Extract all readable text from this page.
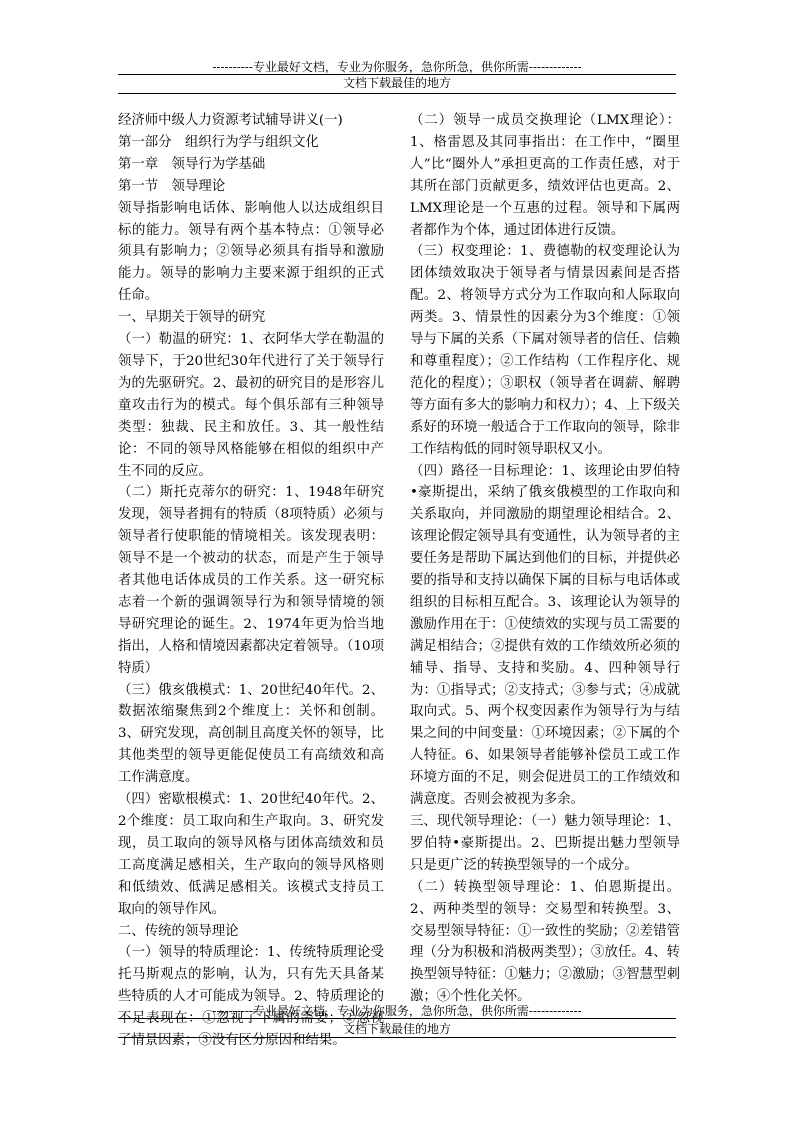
----------专业最好文档，专业为你服务，急你所急，供你所需-------------
文档下载最佳的地方

经济师中级人力资源考试辅导讲义(一)

第一部分　组织行为学与组织文化

第一章　领导行为学基础

第一节　领导理论

领导指影响电话体、影响他人以达成组织目标的能力。领导有两个基本特点：①领导必须具有影响力；②领导必须具有指导和激励能力。领导的影响力主要来源于组织的正式任命。

一、早期关于领导的研究

（一）勒温的研究：1、衣阿华大学在勒温的领导下，于20世纪30年代进行了关于领导行为的先驱研究。2、最初的研究目的是形容儿童攻击行为的模式。每个俱乐部有三种领导类型：独裁、民主和放任。3、其一般性结论：不同的领导风格能够在相似的组织中产生不同的反应。

（二）斯托克蒂尔的研究：1、1948年研究发现，领导者拥有的特质（8项特质）必须与领导者行使职能的情境相关。该发现表明：领导不是一个被动的状态，而是产生于领导者其他电话体成员的工作关系。这一研究标志着一个新的强调领导行为和领导情境的领导研究理论的诞生。2、1974年更为恰当地指出，人格和情境因素都决定着领导。（10项特质）

（三）俄亥俄模式：1、20世纪40年代。2、数据浓缩聚焦到2个维度上：关怀和创制。3、研究发现，高创制且高度关怀的领导，比其他类型的领导更能促使员工有高绩效和高工作满意度。

（四）密歇根模式：1、20世纪40年代。2、2个维度：员工取向和生产取向。3、研究发现，员工取向的领导风格与团体高绩效和员工高度满足感相关，生产取向的领导风格则和低绩效、低满足感相关。该模式支持员工取向的领导作风。

二、传统的领导理论

（一）领导的特质理论：1、传统特质理论受托马斯观点的影响，认为，只有先天具备某些特质的人才可能成为领导。2、特质理论的不足表现在：①忽视了下属的需要；②忽视了情景因素；③没有区分原因和结果。

（二）领导一成员交换理论（LMX理论）：1、格雷恩及其同事指出：在工作中，“圈里人”比“圈外人”承担更高的工作责任感，对于其所在部门贡献更多，绩效评估也更高。2、LMX理论是一个互惠的过程。领导和下属两者都作为个体，通过团体进行反馈。

（三）权变理论：1、费德勒的权变理论认为团体绩效取决于领导者与情景因素间是否搭配。2、将领导方式分为工作取向和人际取向两类。3、情景性的因素分为3个维度：①领导与下属的关系（下属对领导者的信任、信赖和尊重程度）；②工作结构（工作程序化、规范化的程度）；③职权（领导者在调薪、解聘等方面有多大的影响力和权力）；4、上下级关系好的环境一般适合于工作取向的领导，除非工作结构低的同时领导职权又小。

（四）路径一目标理论：1、该理论由罗伯特•豪斯提出，采纳了俄亥俄模型的工作取向和关系取向，并同激励的期望理论相结合。2、该理论假定领导具有变通性，认为领导者的主要任务是帮助下属达到他们的目标，并提供必要的指导和支持以确保下属的目标与电话体或组织的目标相互配合。3、该理论认为领导的激励作用在于：①使绩效的实现与员工需要的满足相结合；②提供有效的工作绩效所必须的辅导、指导、支持和奖励。4、四种领导行为：①指导式；②支持式；③参与式；④成就取向式。5、两个权变因素作为领导行为与结果之间的中间变量：①环境因素；②下属的个人特征。6、如果领导者能够补偿员工或工作环境方面的不足，则会促进员工的工作绩效和满意度。否则会被视为多余。

三、现代领导理论：（一）魅力领导理论：1、罗伯特•豪斯提出。2、巴斯提出魅力型领导只是更广泛的转换型领导的一个成分。

（二）转换型领导理论：1、伯恩斯提出。2、两种类型的领导：交易型和转换型。3、交易型领导特征：①一致性的奖励；②差错管理（分为积极和消极两类型）；③放任。4、转换型领导特征：①魅力；②激励；③智慧型刺激；④个性化关怀。

----------专业最好文档，专业为你服务，急你所急，供你所需-------------
文档下载最佳的地方
